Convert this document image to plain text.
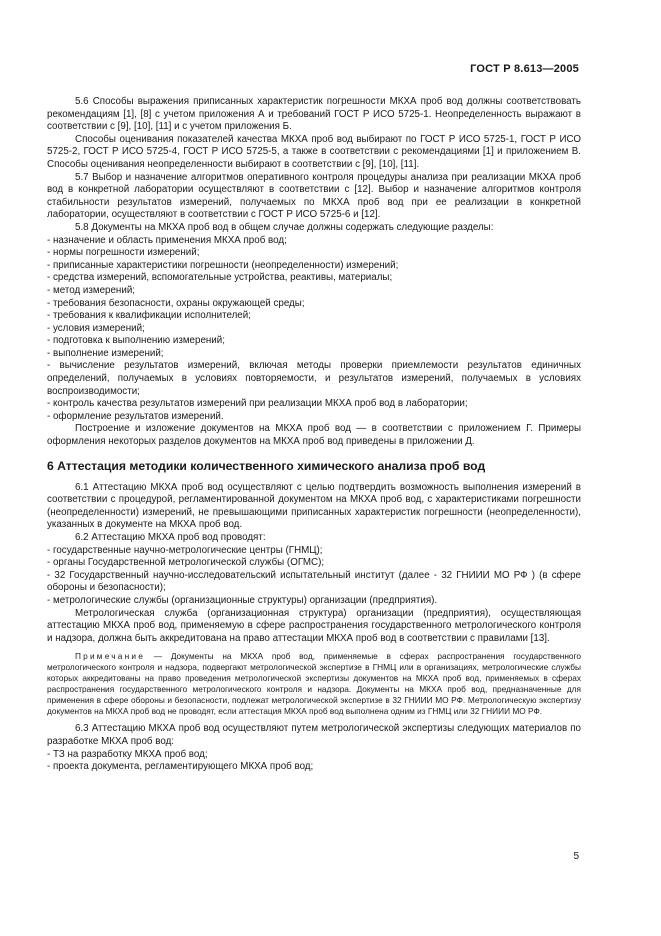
ГОСТ Р 8.613—2005
5.6 Способы выражения приписанных характеристик погрешности МКХА проб вод должны соответствовать рекомендациям [1], [8] с учетом приложения А и требований ГОСТ Р ИСО 5725-1. Неопределенность выражают в соответствии с [9], [10], [11] и с учетом приложения Б.
Способы оценивания показателей качества МКХА проб вод выбирают по ГОСТ Р ИСО 5725-1, ГОСТ Р ИСО 5725-2, ГОСТ Р ИСО 5725-4, ГОСТ Р ИСО 5725-5, а также в соответствии с рекомендациями [1] и приложением В. Способы оценивания неопределенности выбирают в соответствии с [9], [10], [11].
5.7 Выбор и назначение алгоритмов оперативного контроля процедуры анализа при реализации МКХА проб вод в конкретной лаборатории осуществляют в соответствии с [12]. Выбор и назначение алгоритмов контроля стабильности результатов измерений, получаемых по МКХА проб вод при ее реализации в конкретной лаборатории, осуществляют в соответствии с ГОСТ Р ИСО 5725-6 и [12].
5.8 Документы на МКХА проб вод в общем случае должны содержать следующие разделы:
- назначение и область применения МКХА проб вод;
- нормы погрешности измерений;
- приписанные характеристики погрешности (неопределенности) измерений;
- средства измерений, вспомогательные устройства, реактивы, материалы;
- метод измерений;
- требования безопасности, охраны окружающей среды;
- требования к квалификации исполнителей;
- условия измерений;
- подготовка к выполнению измерений;
- выполнение измерений;
- вычисление результатов измерений, включая методы проверки приемлемости результатов единичных определений, получаемых в условиях повторяемости, и результатов измерений, получаемых в условиях воспроизводимости;
- контроль качества результатов измерений при реализации МКХА проб вод в лаборатории;
- оформление результатов измерений.
Построение и изложение документов на МКХА проб вод — в соответствии с приложением Г. Примеры оформления некоторых разделов документов на МКХА проб вод приведены в приложении Д.
6 Аттестация методики количественного химического анализа проб вод
6.1 Аттестацию МКХА проб вод осуществляют с целью подтвердить возможность выполнения измерений в соответствии с процедурой, регламентированной документом на МКХА проб вод, с характеристиками погрешности (неопределенности) измерений, не превышающими приписанных характеристик погрешности (неопределенности), указанных в документе на МКХА проб вод.
6.2 Аттестацию МКХА проб вод проводят:
- государственные научно-метрологические центры (ГНМЦ);
- органы Государственной метрологической службы (ОГМС);
- 32 Государственный научно-исследовательский испытательный институт (далее - 32 ГНИИИ МО РФ ) (в сфере обороны и безопасности);
- метрологические службы (организационные структуры) организации (предприятия).
Метрологическая служба (организационная структура) организации (предприятия), осуществляющая аттестацию МКХА проб вод, применяемую в сфере распространения государственного метрологического контроля и надзора, должна быть аккредитована на право аттестации МКХА проб вод в соответствии с правилами [13].
Примечание — Документы на МКХА проб вод, применяемые в сферах распространения государственного метрологического контроля и надзора, подвергают метрологической экспертизе в ГНМЦ или в организациях, метрологические службы которых аккредитованы на право проведения метрологической экспертизы документов на МКХА проб вод, применяемых в сферах распространения государственного метрологического контроля и надзора. Документы на МКХА проб вод, предназначенные для применения в сфере обороны и безопасности, подлежат метрологической экспертизе в 32 ГНИИИ МО РФ. Метрологическую экспертизу документов на МКХА проб вод не проводят, если аттестация МКХА проб вод выполнена одним из ГНМЦ или 32 ГНИИИ МО РФ.
6.3 Аттестацию МКХА проб вод осуществляют путем метрологической экспертизы следующих материалов по разработке МКХА проб вод:
- ТЗ на разработку МКХА проб вод;
- проекта документа, регламентирующего МКХА проб вод;
5
